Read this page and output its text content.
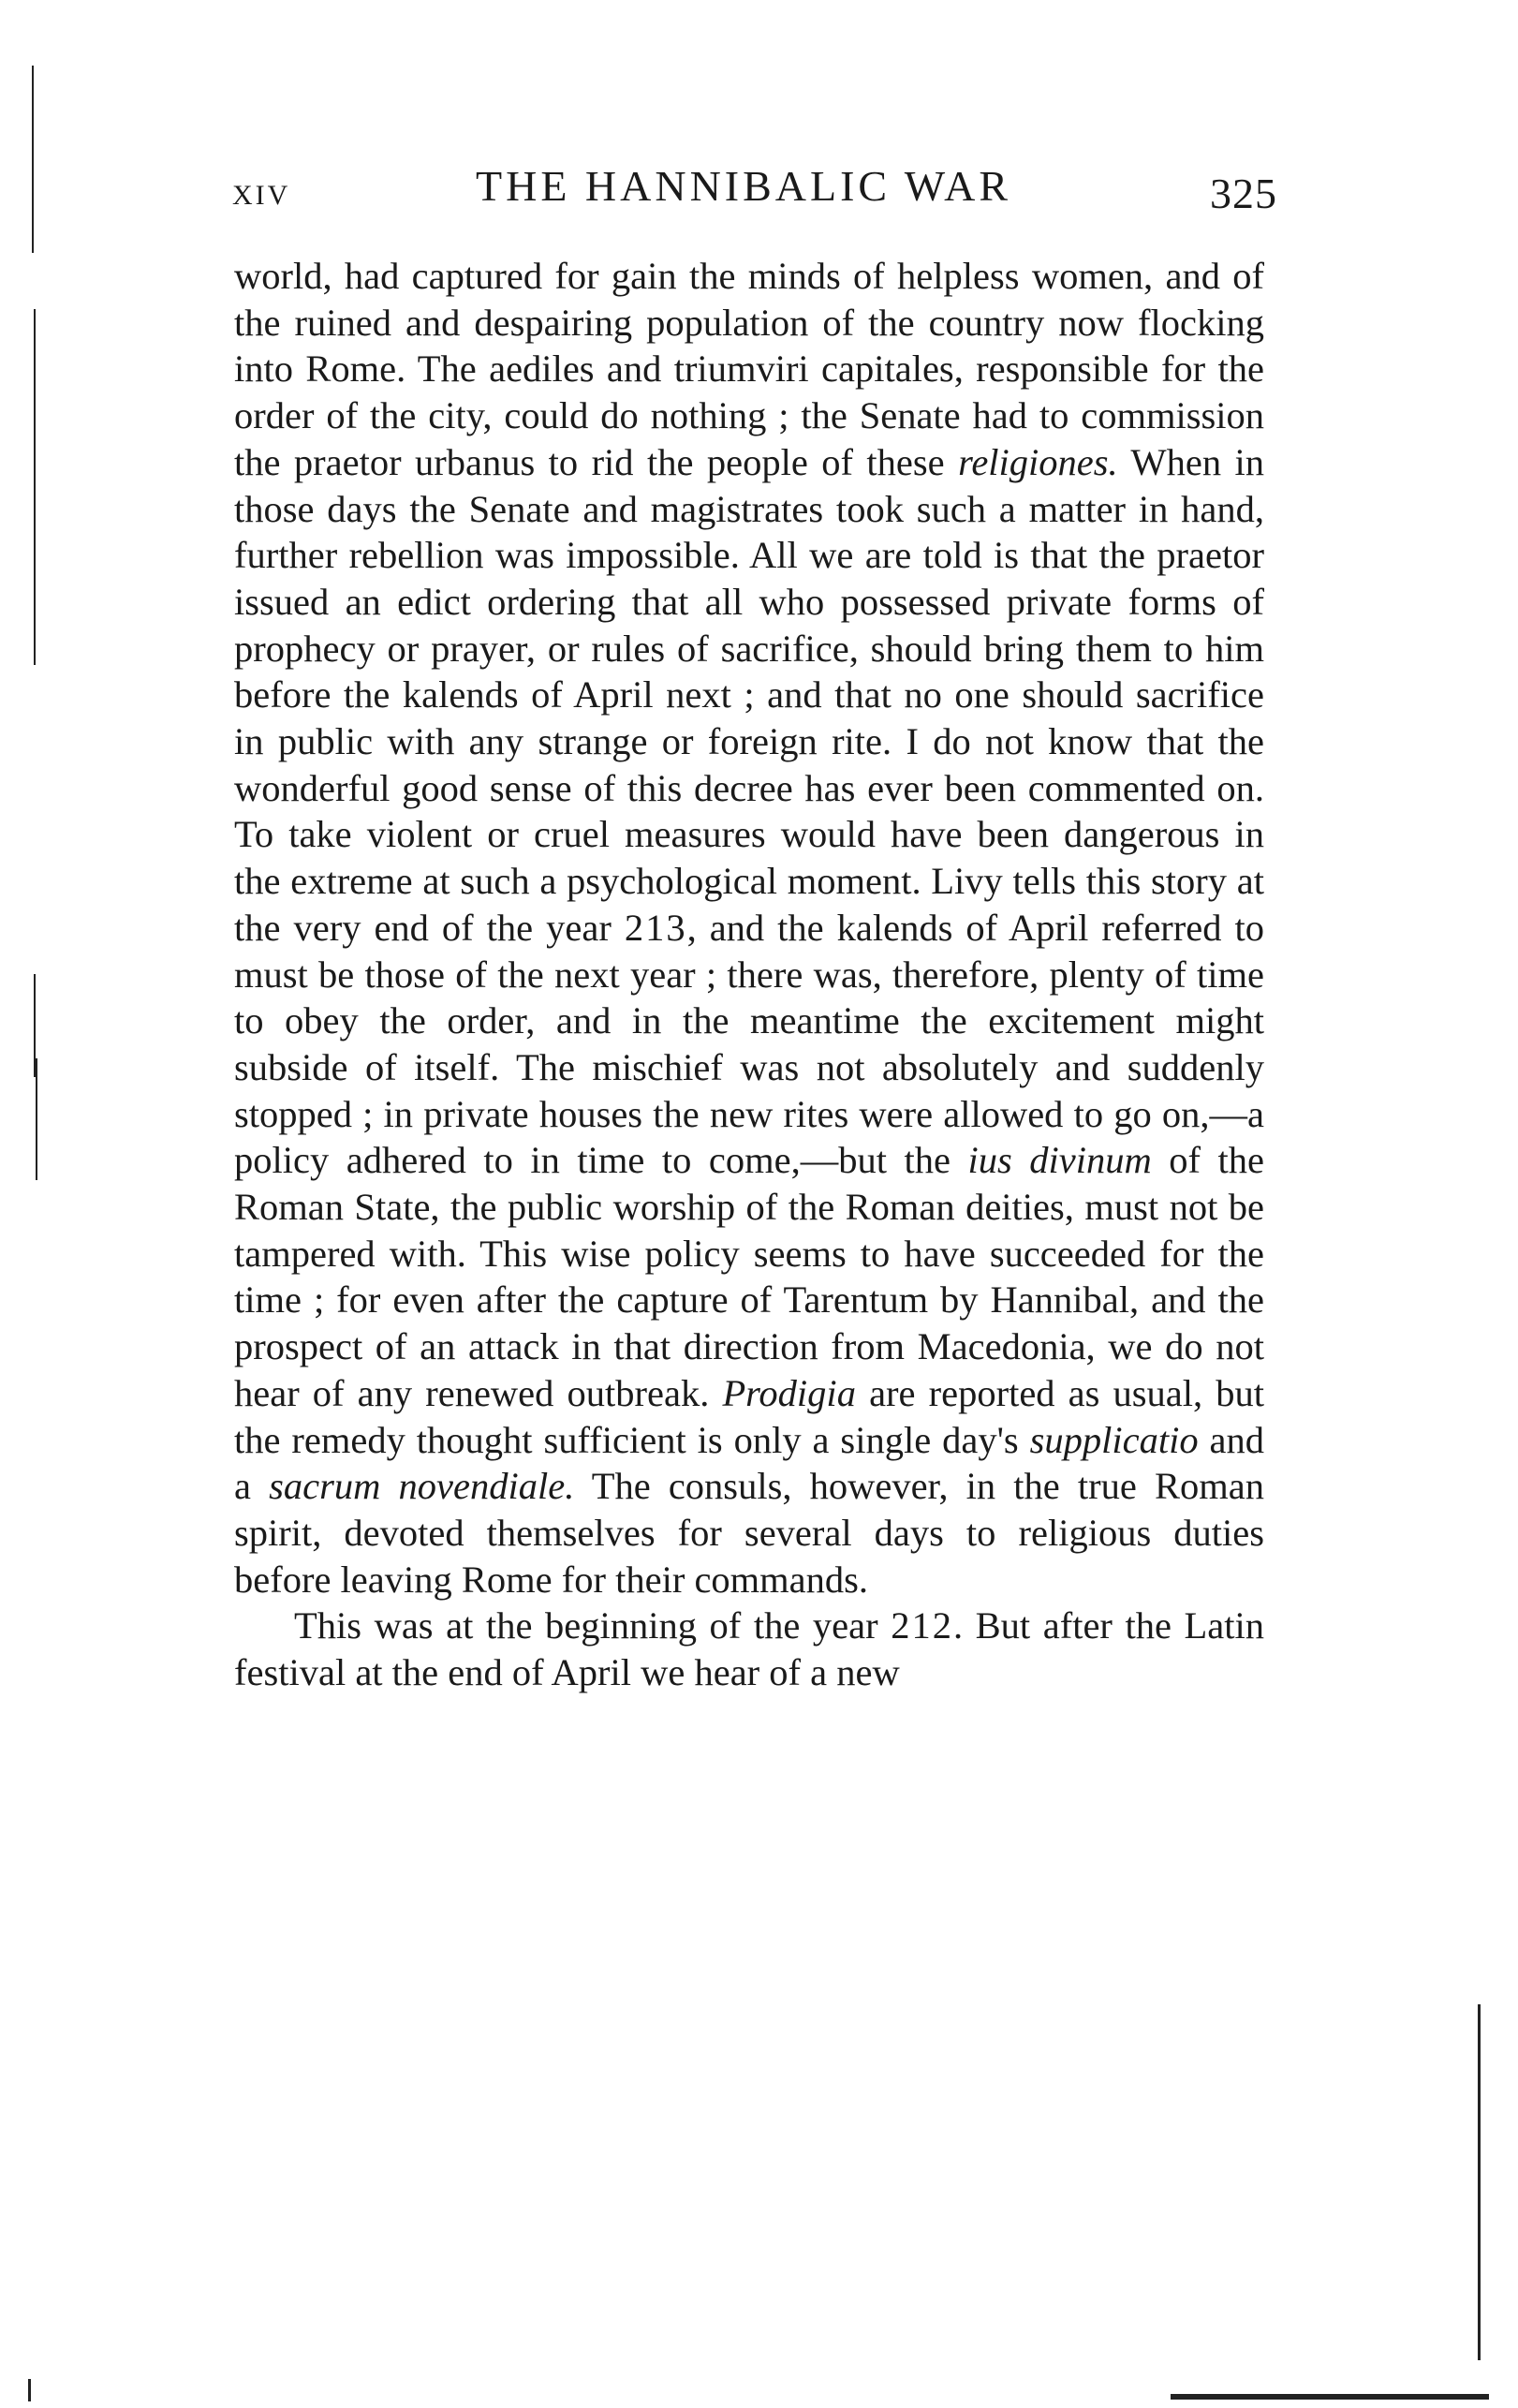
XIV	THE HANNIBALIC WAR	325

world, had captured for gain the minds of helpless women, and of the ruined and despairing population of the country now flocking into Rome. The aediles and triumviri capitales, responsible for the order of the city, could do nothing ; the Senate had to commission the praetor urbanus to rid the people of these religiones. When in those days the Senate and magistrates took such a matter in hand, further rebellion was impossible. All we are told is that the praetor issued an edict ordering that all who possessed private forms of prophecy or prayer, or rules of sacrifice, should bring them to him before the kalends of April next ; and that no one should sacrifice in public with any strange or foreign rite. I do not know that the wonderful good sense of this decree has ever been commented on. To take violent or cruel measures would have been dangerous in the extreme at such a psychological moment. Livy tells this story at the very end of the year 213, and the kalends of April referred to must be those of the next year ; there was, therefore, plenty of time to obey the order, and in the meantime the excitement might subside of itself. The mischief was not absolutely and suddenly stopped ; in private houses the new rites were allowed to go on,—a policy adhered to in time to come,—but the ius divinum of the Roman State, the public worship of the Roman deities, must not be tampered with. This wise policy seems to have succeeded for the time ; for even after the capture of Tarentum by Hannibal, and the prospect of an attack in that direction from Macedonia, we do not hear of any renewed outbreak. Prodigia are reported as usual, but the remedy thought sufficient is only a single day's supplicatio and a sacrum novendiale. The consuls, however, in the true Roman spirit, devoted themselves for several days to religious duties before leaving Rome for their commands.

This was at the beginning of the year 212. But after the Latin festival at the end of April we hear of a new
